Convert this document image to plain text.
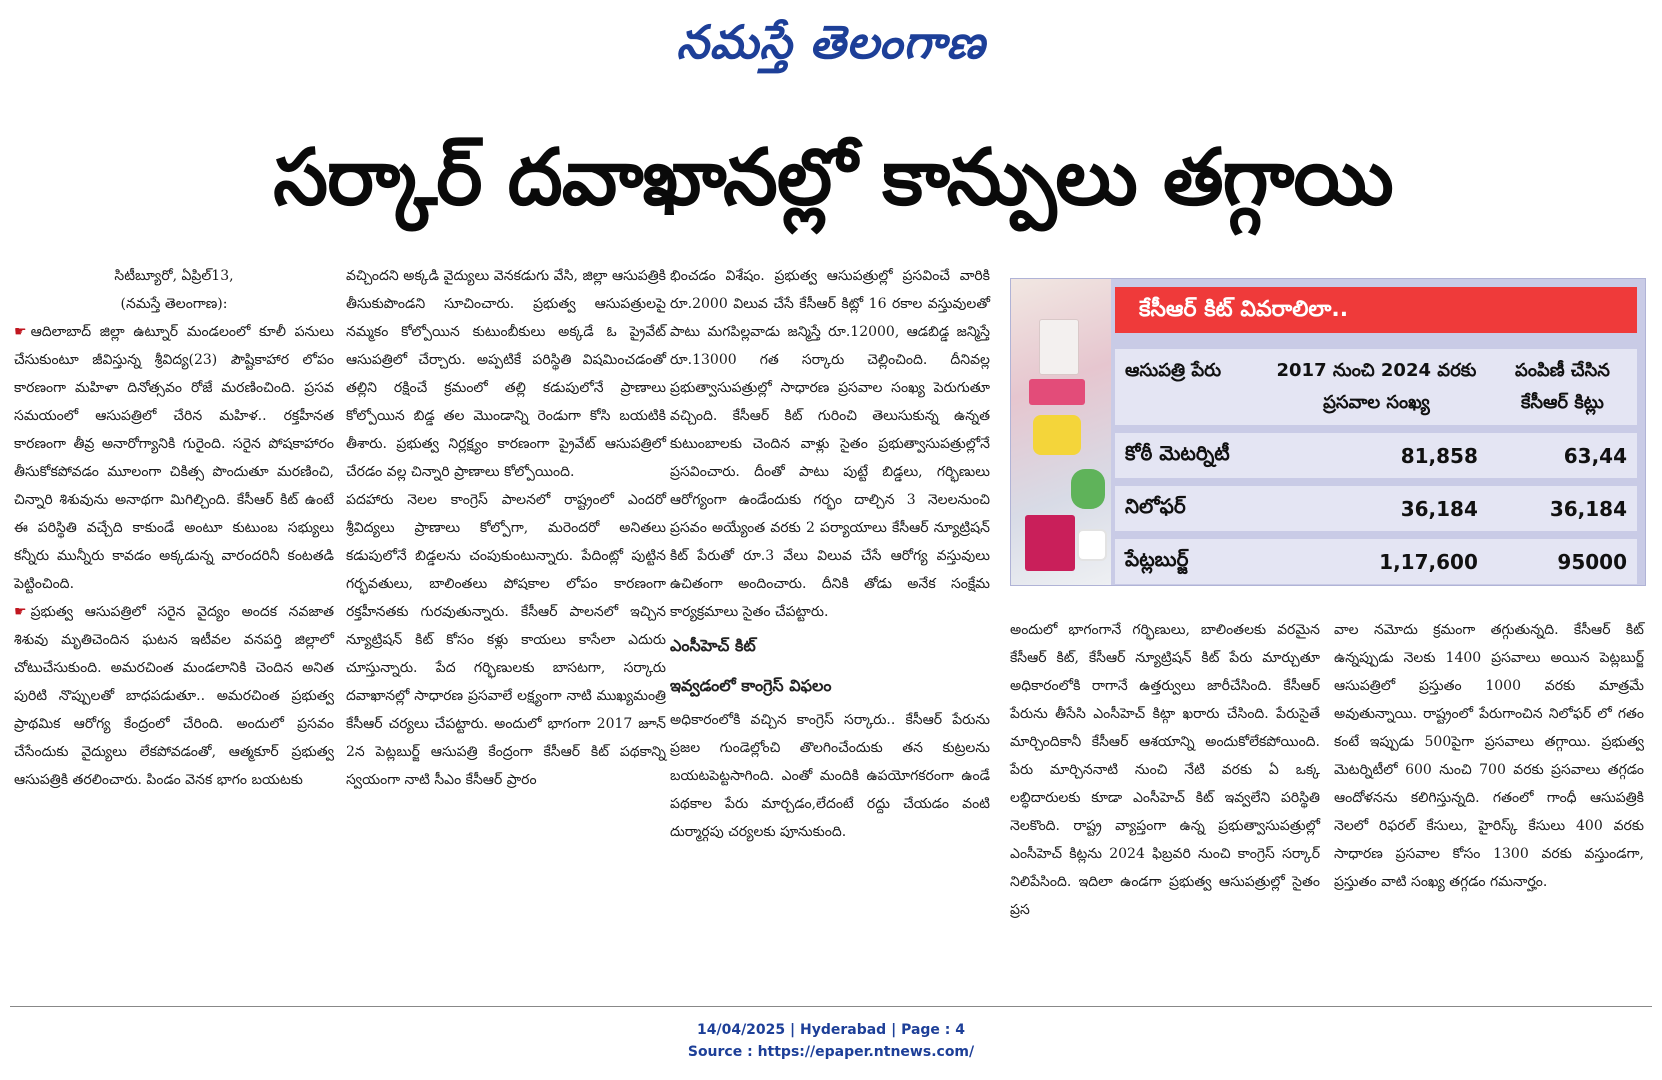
నమస్తే తెలంగాణ
సర్కార్ దవాఖానల్లో కాన్పులు తగ్గాయి

సిటీబ్యూరో, ఏప్రిల్13,

(నమస్తే తెలంగాణ):

☛ ఆదిలాబాద్ జిల్లా ఉట్నూర్ మండలంలో కూలీ పనులు చేసుకుంటూ జీవిస్తున్న శ్రీవిద్య(23) పౌష్టికాహార లోపం కారణంగా మహిళా దినోత్సవం రోజే మరణించింది. ప్రసవ సమయంలో ఆసుపత్రిలో చేరిన మహిళ.. రక్తహీనత కారణంగా తీవ్ర అనారోగ్యానికి గురైంది. సరైన పోషకాహారం తీసుకోకపోవడం మూలంగా చికిత్స పొందుతూ మరణించి, చిన్నారి శిశువును అనాథగా మిగిల్చింది. కేసీఆర్ కిట్ ఉంటే ఈ పరిస్థితి వచ్చేది కాకుండే అంటూ కుటుంబ సభ్యులు కన్నీరు మున్నీరు కావడం అక్కడున్న వారందరినీ కంటతడి పెట్టించింది.

☛ ప్రభుత్వ ఆసుపత్రిలో సరైన వైద్యం అందక నవజాత శిశువు మృతిచెందిన ఘటన ఇటీవల వనపర్తి జిల్లాలో చోటుచేసుకుంది. అమరచింత మండలానికి చెందిన అనిత పురిటి నొప్పులతో బాధపడుతూ.. అమరచింత ప్రభుత్వ ప్రాథమిక ఆరోగ్య కేంద్రంలో చేరింది. అందులో ప్రసవం చేసేందుకు వైద్యులు లేకపోవడంతో, ఆత్మకూర్ ప్రభుత్వ ఆసుపత్రికి తరలించారు. పిండం వెనక భాగం బయటకు

వచ్చిందని అక్కడి వైద్యులు వెనకడుగు వేసి, జిల్లా ఆసుపత్రికి తీసుకుపొండని సూచించారు. ప్రభుత్వ ఆసుపత్రులపై నమ్మకం కోల్పోయిన కుటుంబీకులు అక్కడే ఓ ప్రైవేట్ ఆసుపత్రిలో చేర్చారు. అప్పటికే పరిస్థితి విషమించడంతో తల్లిని రక్షించే క్రమంలో తల్లి కడుపులోనే ప్రాణాలు కోల్పోయిన బిడ్డ తల మొండాన్ని రెండుగా కోసి బయటికి తీశారు. ప్రభుత్వ నిర్లక్ష్యం కారణంగా ప్రైవేట్ ఆసుపత్రిలో చేరడం వల్ల చిన్నారి ప్రాణాలు కోల్పోయింది.

పదహారు నెలల కాంగ్రెస్ పాలనలో రాష్ట్రంలో ఎందరో శ్రీవిద్యలు ప్రాణాలు కోల్పోగా, మరెందరో అనితలు కడుపులోనే బిడ్డలను చంపుకుంటున్నారు. పేదింట్లో పుట్టిన గర్భవతులు, బాలింతలు పోషకాల లోపం కారణంగా రక్తహీనతకు గురవుతున్నారు. కేసీఆర్ పాలనలో ఇచ్చిన న్యూట్రిషన్ కిట్ కోసం కళ్లు కాయలు కాసేలా ఎదురు చూస్తున్నారు. పేద గర్భిణులకు బాసటగా, సర్కారు దవాఖానల్లో సాధారణ ప్రసవాలే లక్ష్యంగా నాటి ముఖ్యమంత్రి కేసీఆర్ చర్యలు చేపట్టారు. అందులో భాగంగా 2017 జూన్ 2న పెట్లబుర్జ్ ఆసుపత్రి కేంద్రంగా కేసీఆర్ కిట్ పథకాన్ని స్వయంగా నాటి సీఎం కేసీఆర్ ప్రారం

భించడం విశేషం. ప్రభుత్వ ఆసుపత్రుల్లో ప్రసవించే వారికి రూ.2000 విలువ చేసే కేసీఆర్ కిట్లో 16 రకాల వస్తువులతో పాటు మగపిల్లవాడు జన్మిస్తే రూ.12000, ఆడబిడ్డ జన్మిస్తే రూ.13000 గత సర్కారు చెల్లించింది. దీనివల్ల ప్రభుత్వాసుపత్రుల్లో సాధారణ ప్రసవాల సంఖ్య పెరుగుతూ వచ్చింది. కేసీఆర్ కిట్ గురించి తెలుసుకున్న ఉన్నత కుటుంబాలకు చెందిన వాళ్లు సైతం ప్రభుత్వాసుపత్రుల్లోనే ప్రసవించారు. దీంతో పాటు పుట్టే బిడ్డలు, గర్భిణులు ఆరోగ్యంగా ఉండేందుకు గర్భం దాల్చిన 3 నెలలనుంచి ప్రసవం అయ్యేంత వరకు 2 పర్యాయాలు కేసీఆర్ న్యూట్రిషన్ కిట్ పేరుతో రూ.3 వేలు విలువ చేసే ఆరోగ్య వస్తువులు ఉచితంగా అందించారు. దీనికి తోడు అనేక సంక్షేమ కార్యక్రమాలు సైతం చేపట్టారు.

ఎంసీహెచ్ కిట్
ఇవ్వడంలో కాంగ్రెస్ విఫలం

అధికారంలోకి వచ్చిన కాంగ్రెస్ సర్కారు.. కేసీఆర్ పేరును ప్రజల గుండెల్లోంచి తొలగించేందుకు తన కుట్రలను బయటపెట్టసాగింది. ఎంతో మందికి ఉపయోగకరంగా ఉండే పథకాల పేరు మార్చడం,లేదంటే రద్దు చేయడం వంటి దుర్మార్గపు చర్యలకు పూనుకుంది.

కేసీఆర్ కిట్ వివరాలిలా..
ఆసుపత్రి పేరు	2017 నుంచి 2024 వరకు ప్రసవాల సంఖ్య	పంపిణీ చేసిన కేసీఆర్ కిట్లు
కోఠీ మెటర్నిటీ	81,858	63,44
నిలోఫర్	36,184	36,184
పేట్లబుర్జ్	1,17,600	95000

అందులో భాగంగానే గర్భిణులు, బాలింతలకు వరమైన కేసీఆర్ కిట్, కేసీఆర్ న్యూట్రిషన్ కిట్ పేరు మార్చుతూ అధికారంలోకి రాగానే ఉత్తర్వులు జారీచేసింది. కేసీఆర్ పేరును తీసేసి ఎంసీహెచ్ కిట్గా ఖరారు చేసింది. పేరుసైతే మార్చిందికానీ కేసీఆర్ ఆశయాన్ని అందుకోలేకపోయింది. పేరు మార్చిననాటి నుంచి నేటి వరకు ఏ ఒక్క లబ్ధిదారులకు కూడా ఎంసీహెచ్ కిట్ ఇవ్వలేని పరిస్థితి నెలకొంది. రాష్ట్ర వ్యాప్తంగా ఉన్న ప్రభుత్వాసుపత్రుల్లో ఎంసీహెచ్ కిట్లను 2024 ఫిబ్రవరి నుంచి కాంగ్రెస్ సర్కార్ నిలిపేసింది. ఇదిలా ఉండగా ప్రభుత్వ ఆసుపత్రుల్లో సైతం ప్రస

వాల నమోదు క్రమంగా తగ్గుతున్నది. కేసీఆర్ కిట్ ఉన్నప్పుడు నెలకు 1400 ప్రసవాలు అయిన పెట్లబుర్జ్ ఆసుపత్రిలో ప్రస్తుతం 1000 వరకు మాత్రమే అవుతున్నాయి. రాష్ట్రంలో పేరుగాంచిన నిలోఫర్ లో గతం కంటే ఇప్పుడు 500పైగా ప్రసవాలు తగ్గాయి. ప్రభుత్వ మెటర్నిటీలో 600 నుంచి 700 వరకు ప్రసవాలు తగ్గడం ఆందోళనను కలిగిస్తున్నది. గతంలో గాంధీ ఆసుపత్రికి నెలలో రిఫరల్ కేసులు, హైరిస్క్ కేసులు 400 వరకు సాధారణ ప్రసవాల కోసం 1300 వరకు వస్తుండగా, ప్రస్తుతం వాటి సంఖ్య తగ్గడం గమనార్హం.

14/04/2025 | Hyderabad | Page : 4
Source : https://epaper.ntnews.com/
